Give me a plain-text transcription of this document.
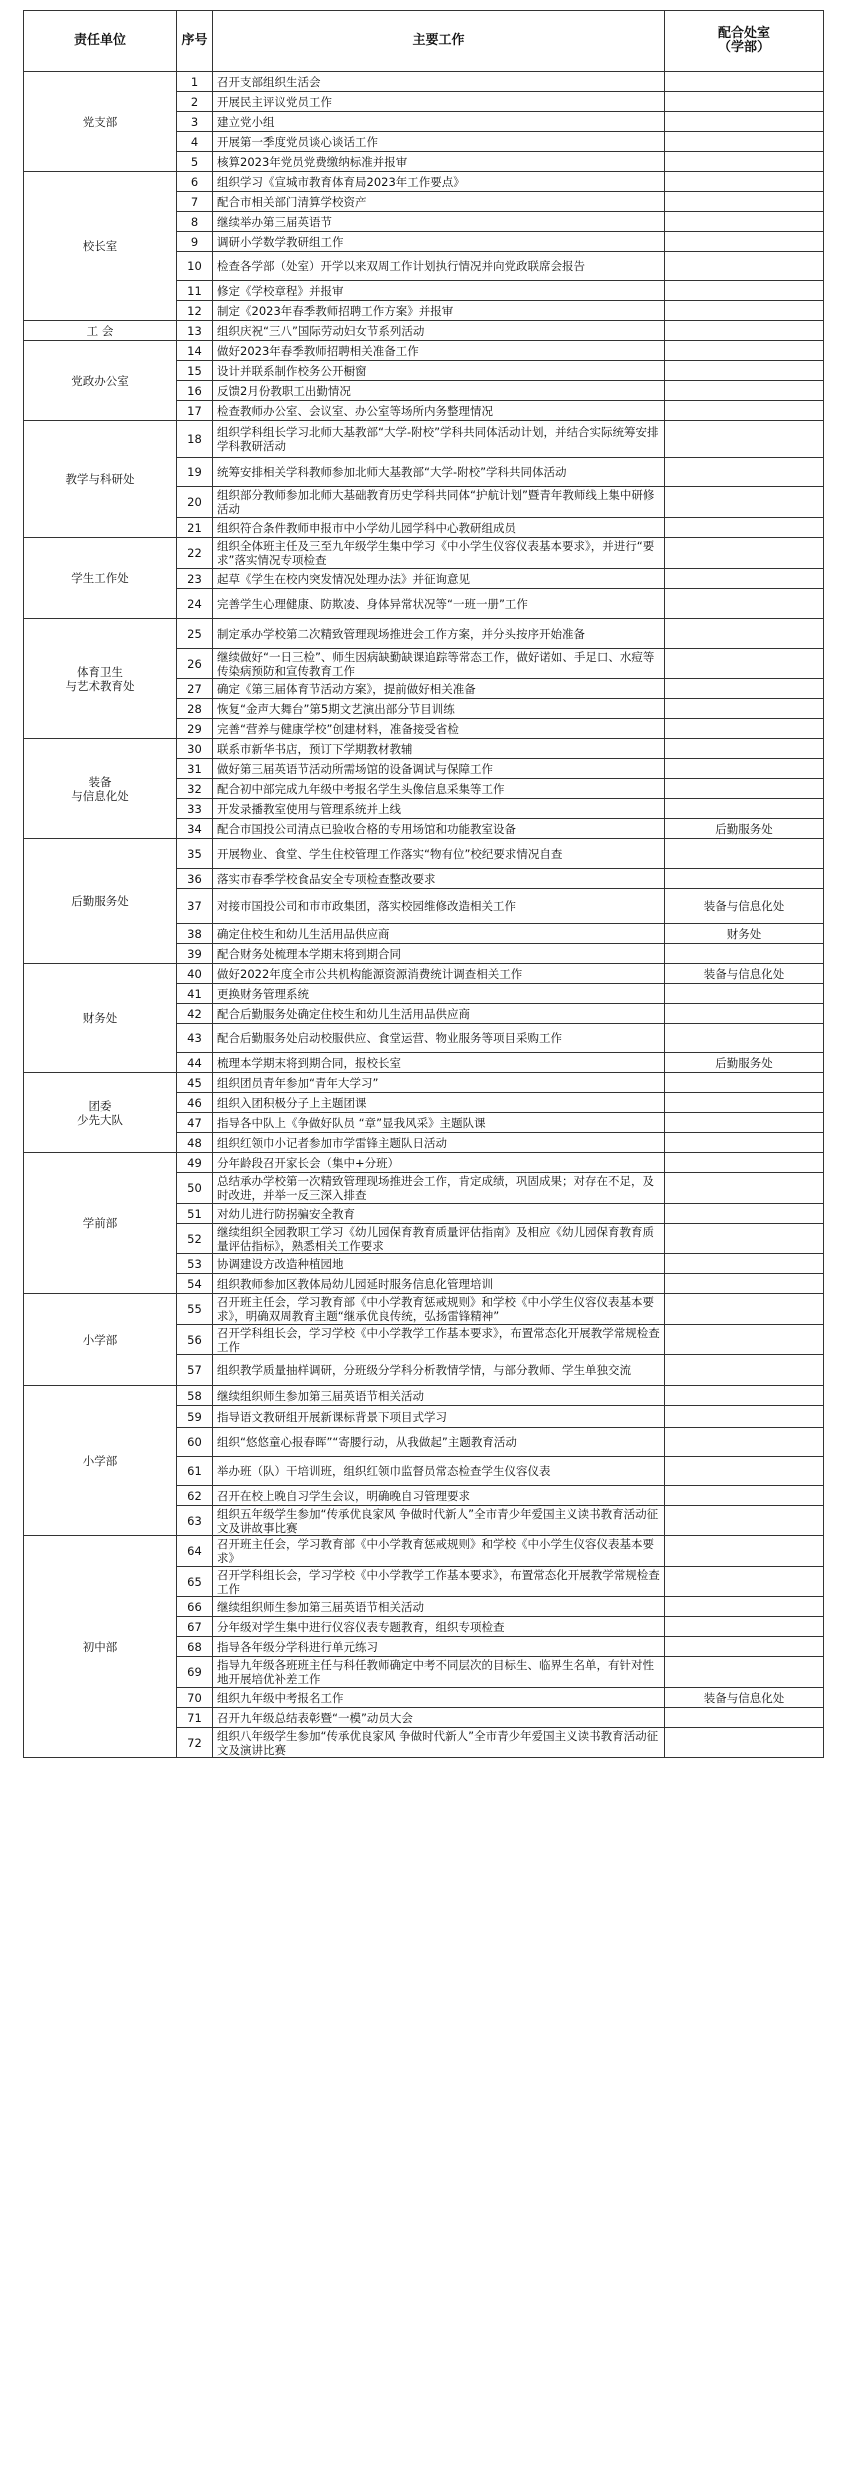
责任单位	序号	主要工作	配合处室
（学部）
党支部	1	召开支部组织生活会	
	2	开展民主评议党员工作	
	3	建立党小组	
	4	开展第一季度党员谈心谈话工作	
	5	核算2023年党员党费缴纳标准并报审	
校长室	6	组织学习《宣城市教育体育局2023年工作要点》	
	7	配合市相关部门清算学校资产	
	8	继续举办第三届英语节	
	9	调研小学数学教研组工作	
	10	检查各学部（处室）开学以来双周工作计划执行情况并向党政联席会报告	
	11	修定《学校章程》并报审	
	12	制定《2023年春季教师招聘工作方案》并报审	
工 会	13	组织庆祝“三八”国际劳动妇女节系列活动	
党政办公室	14	做好2023年春季教师招聘相关准备工作	
	15	设计并联系制作校务公开橱窗	
	16	反馈2月份教职工出勤情况	
	17	检查教师办公室、会议室、办公室等场所内务整理情况	
教学与科研处	18	组织学科组长学习北师大基教部“大学-附校”学科共同体活动计划，并结合实际统筹安排学科教研活动	
	19	统筹安排相关学科教师参加北师大基教部“大学-附校”学科共同体活动	
	20	组织部分教师参加北师大基础教育历史学科共同体“护航计划”暨青年教师线上集中研修活动	
	21	组织符合条件教师申报市中小学幼儿园学科中心教研组成员	
学生工作处	22	组织全体班主任及三至九年级学生集中学习《中小学生仪容仪表基本要求》，并进行“要求”落实情况专项检查	
	23	起草《学生在校内突发情况处理办法》并征询意见	
	24	完善学生心理健康、防欺凌、身体异常状况等“一班一册”工作	
体育卫生
与艺术教育处	25	制定承办学校第二次精致管理现场推进会工作方案，并分头按序开始准备	
	26	继续做好“一日三检”、师生因病缺勤缺课追踪等常态工作，做好诺如、手足口、水痘等传染病预防和宣传教育工作	
	27	确定《第三届体育节活动方案》，提前做好相关准备	
	28	恢复“金声大舞台”第5期文艺演出部分节目训练	
	29	完善“营养与健康学校”创建材料，准备接受省检	
装备
与信息化处	30	联系市新华书店，预订下学期教材教辅	
	31	做好第三届英语节活动所需场馆的设备调试与保障工作	
	32	配合初中部完成九年级中考报名学生头像信息采集等工作	
	33	开发录播教室使用与管理系统并上线	
	34	配合市国投公司清点已验收合格的专用场馆和功能教室设备	后勤服务处
后勤服务处	35	开展物业、食堂、学生住校管理工作落实“物有位”校纪要求情况自查	
	36	落实市春季学校食品安全专项检查整改要求	
	37	对接市国投公司和市市政集团，落实校园维修改造相关工作	装备与信息化处
	38	确定住校生和幼儿生活用品供应商	财务处
	39	配合财务处梳理本学期末将到期合同	
财务处	40	做好2022年度全市公共机构能源资源消费统计调查相关工作	装备与信息化处
	41	更换财务管理系统	
	42	配合后勤服务处确定住校生和幼儿生活用品供应商	
	43	配合后勤服务处启动校服供应、食堂运营、物业服务等项目采购工作	
	44	梳理本学期末将到期合同，报校长室	后勤服务处
团委
少先大队	45	组织团员青年参加“青年大学习”	
	46	组织入团积极分子上主题团课	
	47	指导各中队上《争做好队员 “章”显我风采》主题队课	
	48	组织红领巾小记者参加市学雷锋主题队日活动	
学前部	49	分年龄段召开家长会（集中+分班）	
	50	总结承办学校第一次精致管理现场推进会工作，肯定成绩，巩固成果；对存在不足，及时改进，并举一反三深入排查	
	51	对幼儿进行防拐骗安全教育	
	52	继续组织全园教职工学习《幼儿园保育教育质量评估指南》及相应《幼儿园保育教育质量评估指标》，熟悉相关工作要求	
	53	协调建设方改造种植园地	
	54	组织教师参加区教体局幼儿园延时服务信息化管理培训	
小学部	55	召开班主任会，学习教育部《中小学教育惩戒规则》和学校《中小学生仪容仪表基本要求》，明确双周教育主题“继承优良传统，弘扬雷锋精神”	
	56	召开学科组长会，学习学校《中小学教学工作基本要求》，布置常态化开展教学常规检查工作	
	57	组织教学质量抽样调研，分班级分学科分析教情学情，与部分教师、学生单独交流	
小学部	58	继续组织师生参加第三届英语节相关活动	
	59	指导语文教研组开展新课标背景下项目式学习	
	60	组织“悠悠童心报春晖”“寄腰行动，从我做起”主题教育活动	
	61	举办班（队）干培训班，组织红领巾监督员常态检查学生仪容仪表	
	62	召开在校上晚自习学生会议，明确晚自习管理要求	
	63	组织五年级学生参加“传承优良家风 争做时代新人”全市青少年爱国主义读书教育活动征文及讲故事比赛	
初中部	64	召开班主任会，学习教育部《中小学教育惩戒规则》和学校《中小学生仪容仪表基本要求》	
	65	召开学科组长会，学习学校《中小学教学工作基本要求》，布置常态化开展教学常规检查工作	
	66	继续组织师生参加第三届英语节相关活动	
	67	分年级对学生集中进行仪容仪表专题教育，组织专项检查	
	68	指导各年级分学科进行单元练习	
	69	指导九年级各班班主任与科任教师确定中考不同层次的目标生、临界生名单，有针对性地开展培优补差工作	
	70	组织九年级中考报名工作	装备与信息化处
	71	召开九年级总结表彰暨“一模”动员大会	
	72	组织八年级学生参加“传承优良家风 争做时代新人”全市青少年爱国主义读书教育活动征文及演讲比赛	
